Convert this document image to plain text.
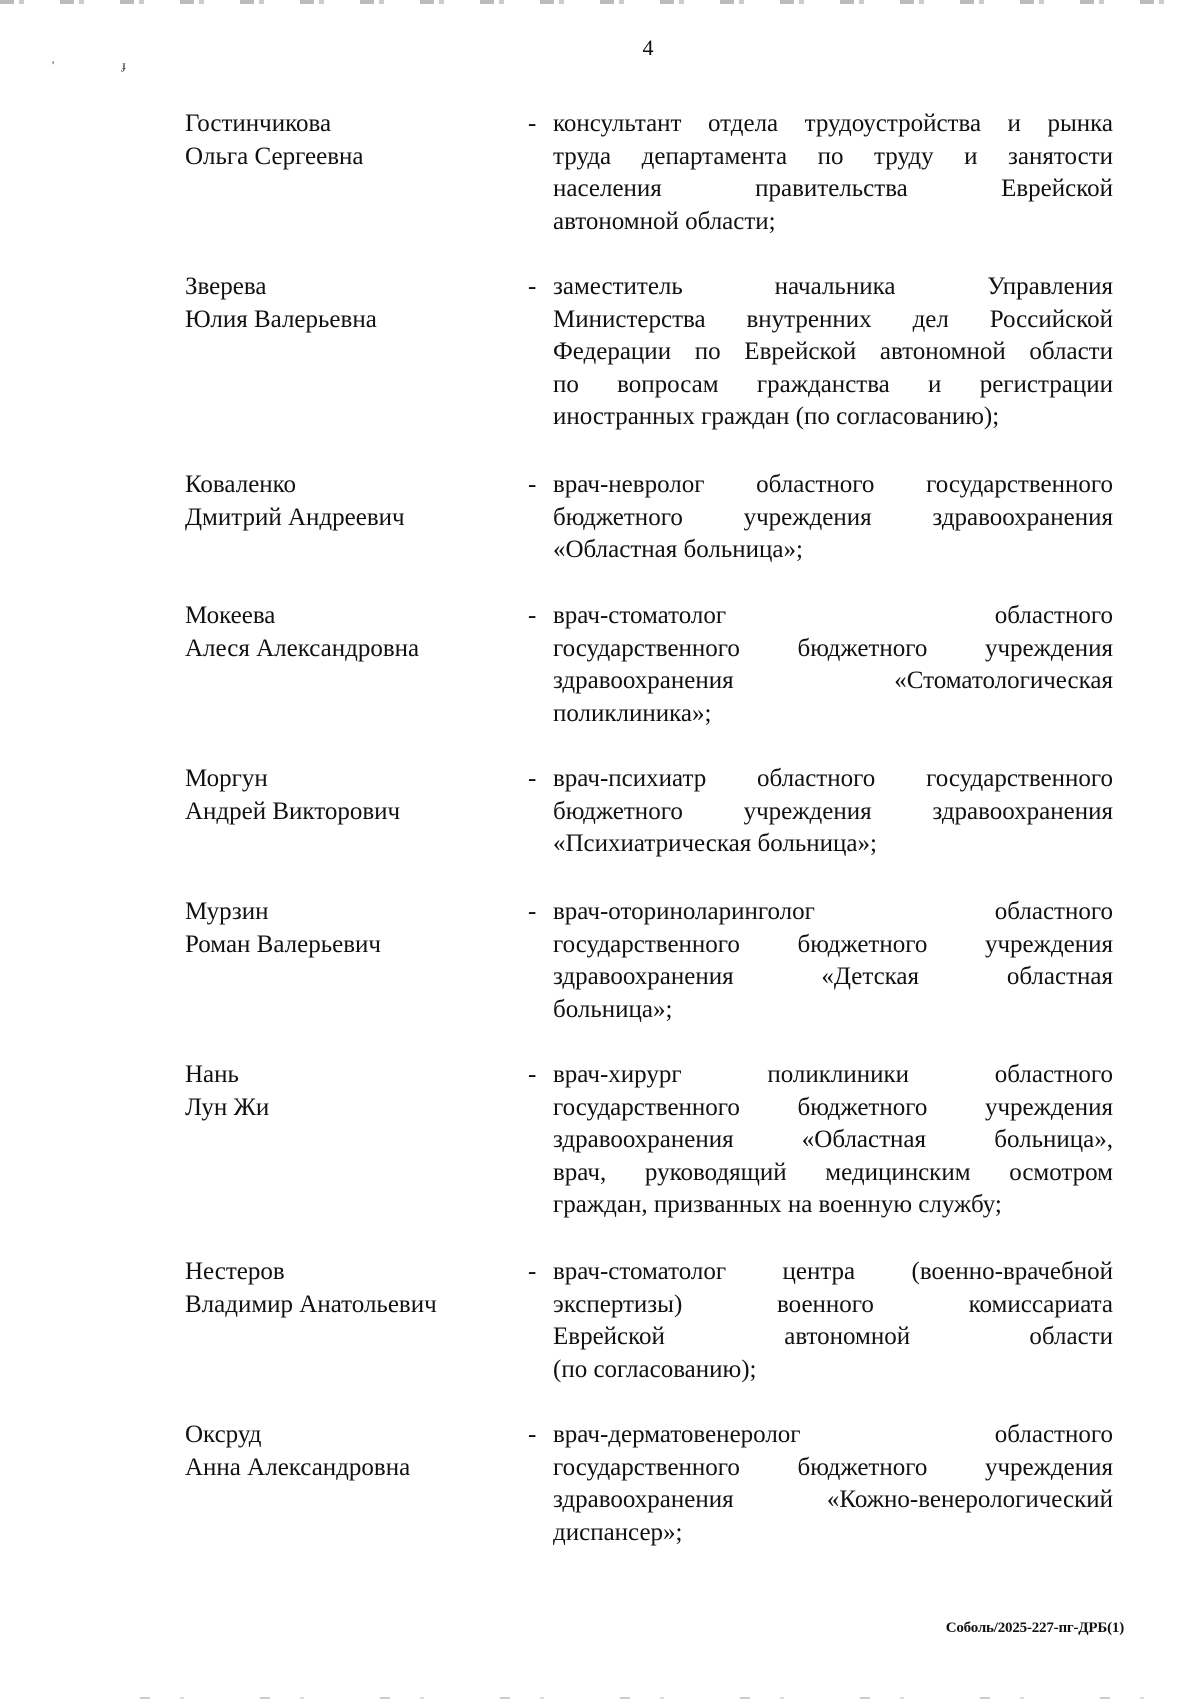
'	ɟ
4
Гостинчикова
Ольга Сергеевна
- консультант отдела трудоустройства и рынка
труда департамента по труду и занятости
населения правительства Еврейской
автономной области;
Зверева
Юлия Валерьевна
- заместитель начальника Управления
Министерства внутренних дел Российской
Федерации по Еврейской автономной области
по вопросам гражданства и регистрации
иностранных граждан (по согласованию);
Коваленко
Дмитрий Андреевич
- врач-невролог областного государственного
бюджетного учреждения здравоохранения
«Областная больница»;
Мокеева
Алеся Александровна
- врач-стоматолог областного
государственного бюджетного учреждения
здравоохранения «Стоматологическая
поликлиника»;
Моргун
Андрей Викторович
- врач-психиатр областного государственного
бюджетного учреждения здравоохранения
«Психиатрическая больница»;
Мурзин
Роман Валерьевич
- врач-оториноларинголог областного
государственного бюджетного учреждения
здравоохранения «Детская областная
больница»;
Нань
Лун Жи
- врач-хирург поликлиники областного
государственного бюджетного учреждения
здравоохранения «Областная больница»,
врач, руководящий медицинским осмотром
граждан, призванных на военную службу;
Нестеров
Владимир Анатольевич
- врач-стоматолог центра (военно-врачебной
экспертизы) военного комиссариата
Еврейской автономной области
(по согласованию);
Оксруд
Анна Александровна
- врач-дерматовенеролог областного
государственного бюджетного учреждения
здравоохранения «Кожно-венерологический
диспансер»;
Соболь/2025-227-пг-ДРБ(1)
